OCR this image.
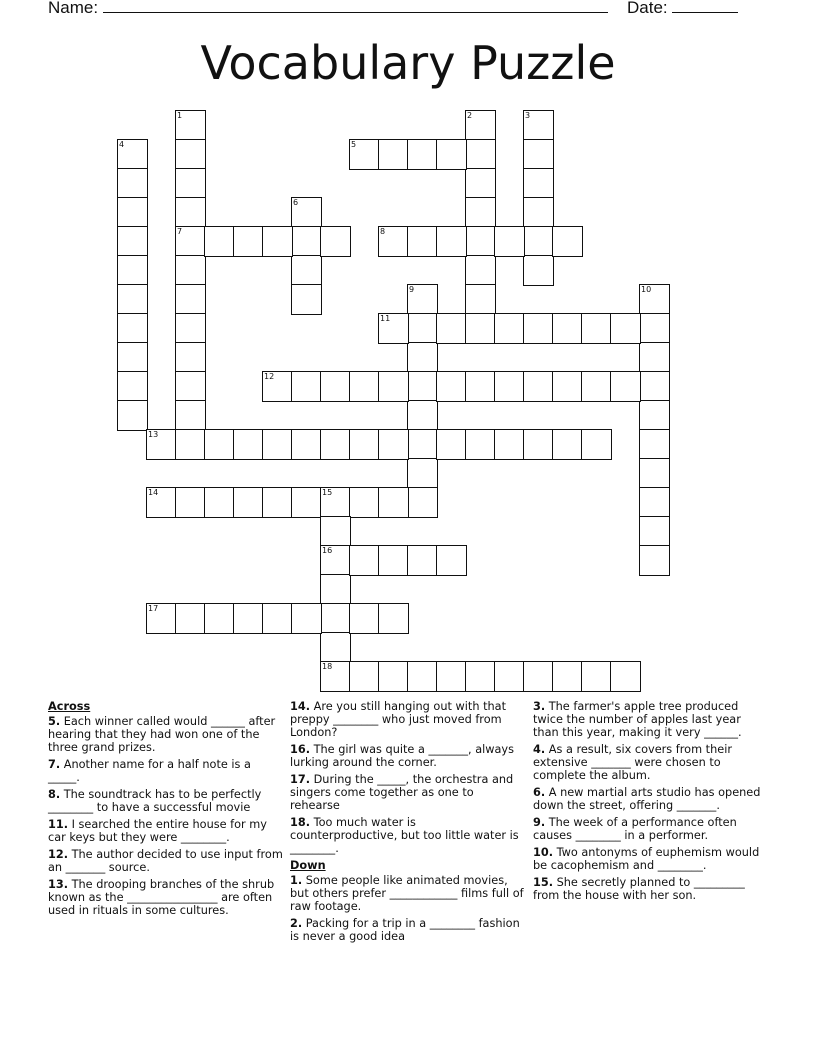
Name:	Date:
Vocabulary Puzzle
1
7
2	3
4	5
6
8
9	10
11
12
13
14	15
16
18
17
Across
5. Each winner called would ______ after hearing that they had won one of the three grand prizes.
7. Another name for a half note is a _____.
8. The soundtrack has to be perfectly ________ to have a successful movie
11. I searched the entire house for my car keys but they were ________.
12. The author decided to use input from an _______ source.
13. The drooping branches of the shrub known as the ________________ are often used in rituals in some cultures.
14. Are you still hanging out with that preppy ________ who just moved from London?
16. The girl was quite a _______, always lurking around the corner.
17. During the _____, the orchestra and singers come together as one to rehearse
18. Too much water is counterproductive, but too little water is ________.
Down
1. Some people like animated movies, but others prefer ____________ films full of raw footage.
2. Packing for a trip in a ________ fashion is never a good idea
3. The farmer's apple tree produced twice the number of apples last year than this year, making it very ______.
4. As a result, six covers from their extensive _______ were chosen to complete the album.
6. A new martial arts studio has opened down the street, offering _______.
9. The week of a performance often causes ________ in a performer.
10. Two antonyms of euphemism would be cacophemism and ________.
15. She secretly planned to _________ from the house with her son.
